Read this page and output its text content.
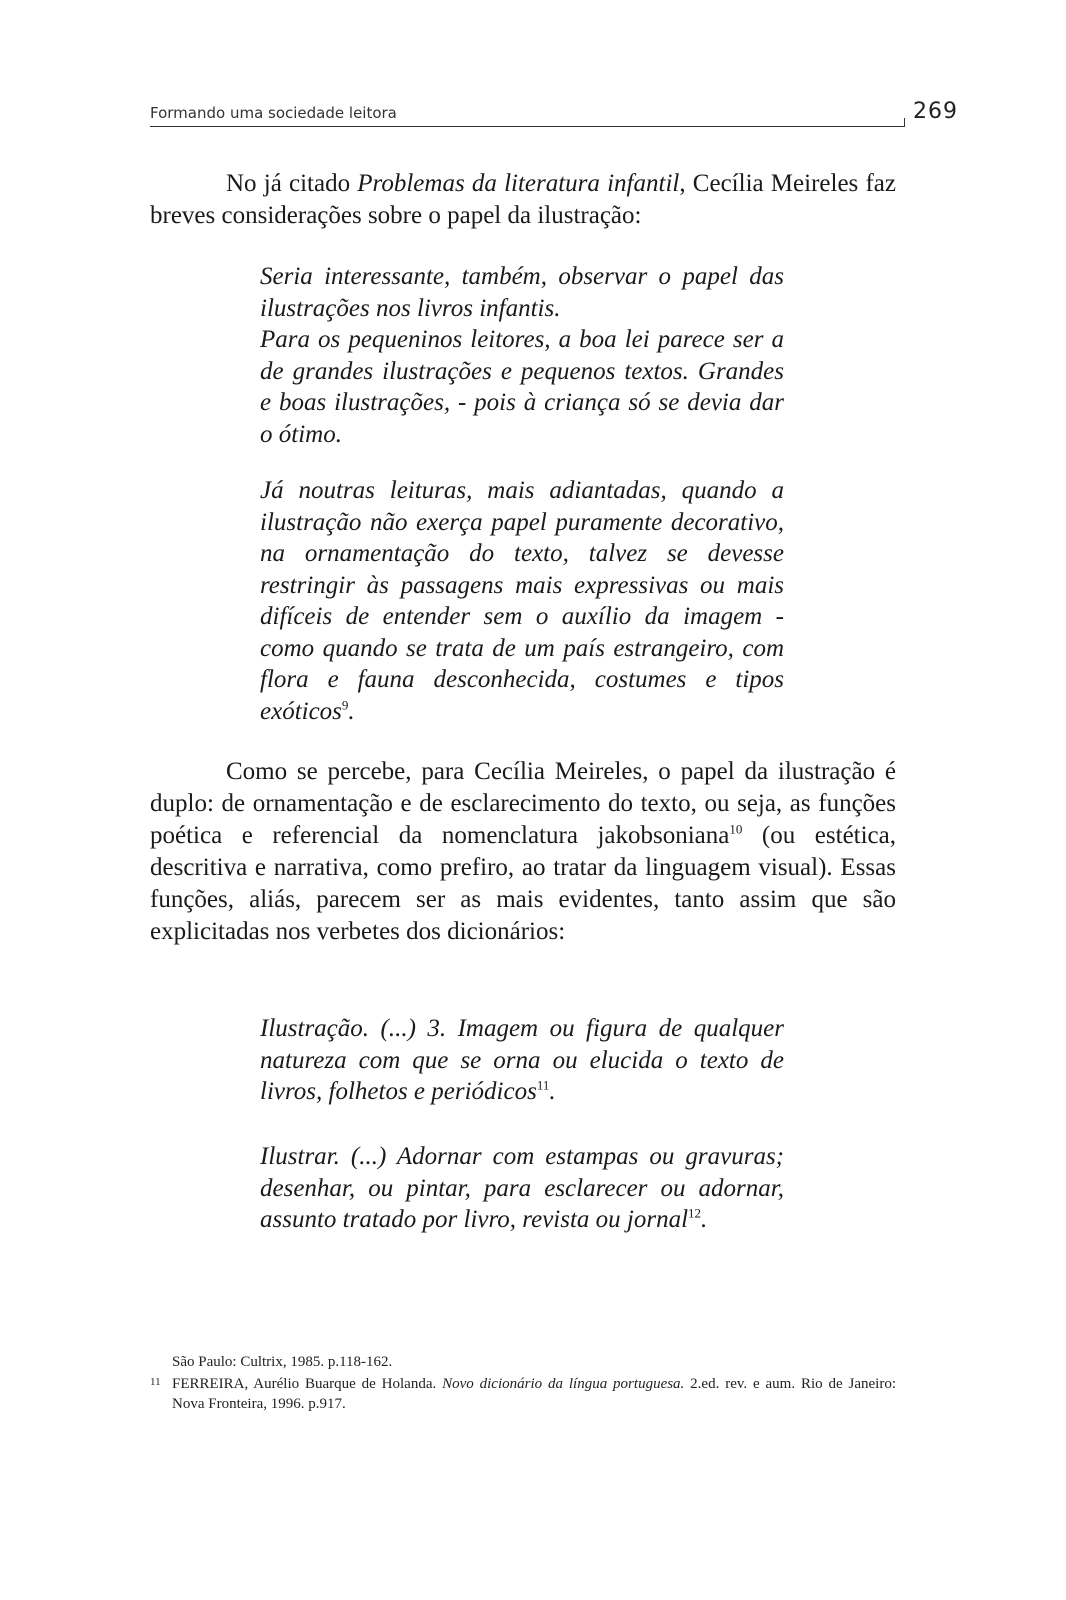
Formando uma sociedade leitora	269

No já citado Problemas da literatura infantil, Cecília Meireles faz breves considerações sobre o papel da ilustração:

Seria interessante, também, observar o papel das ilustrações nos livros infantis.

Para os pequeninos leitores, a boa lei parece ser a de grandes ilustrações e pequenos textos. Grandes e boas ilustrações, - pois à criança só se devia dar o ótimo.

Já noutras leituras, mais adiantadas, quando a ilustração não exerça papel puramente decorativo, na ornamentação do texto, talvez se devesse restringir às passagens mais expressivas ou mais difíceis de entender sem o auxílio da imagem - como quando se trata de um país estrangeiro, com flora e fauna desconhecida, costumes e tipos exóticos$^9$.

Como se percebe, para Cecília Meireles, o papel da ilustração é duplo: de ornamentação e de esclarecimento do texto, ou seja, as funções poética e referencial da nomenclatura jakobsoniana$^{10}$ (ou estética, descritiva e narrativa, como prefiro, ao tratar da linguagem visual). Essas funções, aliás, parecem ser as mais evidentes, tanto assim que são explicitadas nos verbetes dos dicionários:

Ilustração. (...) 3. Imagem ou figura de qualquer natureza com que se orna ou elucida o texto de livros, folhetos e periódicos$^{11}$.

Ilustrar. (...) Adornar com estampas ou gravuras; desenhar, ou pintar, para esclarecer ou adornar, assunto tratado por livro, revista ou jornal$^{12}$.

São Paulo: Cultrix, 1985. p.118-162.

11 FERREIRA, Aurélio Buarque de Holanda. Novo dicionário da língua portuguesa. 2.ed. rev. e aum. Rio de Janeiro: Nova Fronteira, 1996. p.917.
